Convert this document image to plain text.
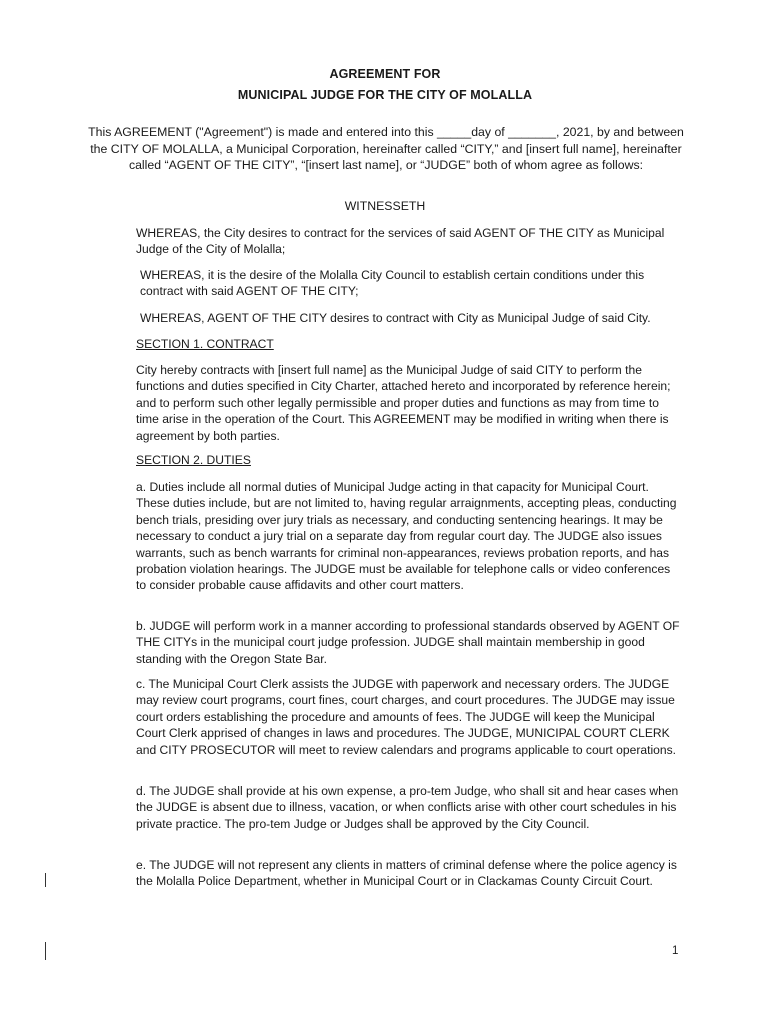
AGREEMENT FOR
MUNICIPAL JUDGE FOR THE CITY OF MOLALLA
This AGREEMENT ("Agreement") is made and entered into this _____day of _______, 2021, by and between the CITY OF MOLALLA, a Municipal Corporation, hereinafter called “CITY,” and [insert full name], hereinafter called “AGENT OF THE CITY”, “[insert last name], or “JUDGE” both of whom agree as follows:
WITNESSETH
WHEREAS, the City desires to contract for the services of said AGENT OF THE CITY as Municipal Judge of the City of Molalla;
WHEREAS, it is the desire of the Molalla City Council to establish certain conditions under this contract with said AGENT OF THE CITY;
WHEREAS, AGENT OF THE CITY desires to contract with City as Municipal Judge of said City.
SECTION 1. CONTRACT
City hereby contracts with [insert full name] as the Municipal Judge of said CITY to perform the functions and duties specified in City Charter, attached hereto and incorporated by reference herein; and to perform such other legally permissible and proper duties and functions as may from time to time arise in the operation of the Court. This AGREEMENT may be modified in writing when there is agreement by both parties.
SECTION 2. DUTIES
a. Duties include all normal duties of Municipal Judge acting in that capacity for Municipal Court. These duties include, but are not limited to, having regular arraignments, accepting pleas, conducting bench trials, presiding over jury trials as necessary, and conducting sentencing hearings. It may be necessary to conduct a jury trial on a separate day from regular court day. The JUDGE also issues warrants, such as bench warrants for criminal non-appearances, reviews probation reports, and has probation violation hearings. The JUDGE must be available for telephone calls or video conferences to consider probable cause affidavits and other court matters.
b. JUDGE will perform work in a manner according to professional standards observed by AGENT OF THE CITYs in the municipal court judge profession. JUDGE shall maintain membership in good standing with the Oregon State Bar.
c. The Municipal Court Clerk assists the JUDGE with paperwork and necessary orders. The JUDGE may review court programs, court fines, court charges, and court procedures. The JUDGE may issue court orders establishing the procedure and amounts of fees. The JUDGE will keep the Municipal Court Clerk apprised of changes in laws and procedures. The JUDGE, MUNICIPAL COURT CLERK and CITY PROSECUTOR will meet to review calendars and programs applicable to court operations.
d. The JUDGE shall provide at his own expense, a pro-tem Judge, who shall sit and hear cases when the JUDGE is absent due to illness, vacation, or when conflicts arise with other court schedules in his private practice. The pro-tem Judge or Judges shall be approved by the City Council.
e. The JUDGE will not represent any clients in matters of criminal defense where the police agency is the Molalla Police Department, whether in Municipal Court or in Clackamas County Circuit Court.
1
